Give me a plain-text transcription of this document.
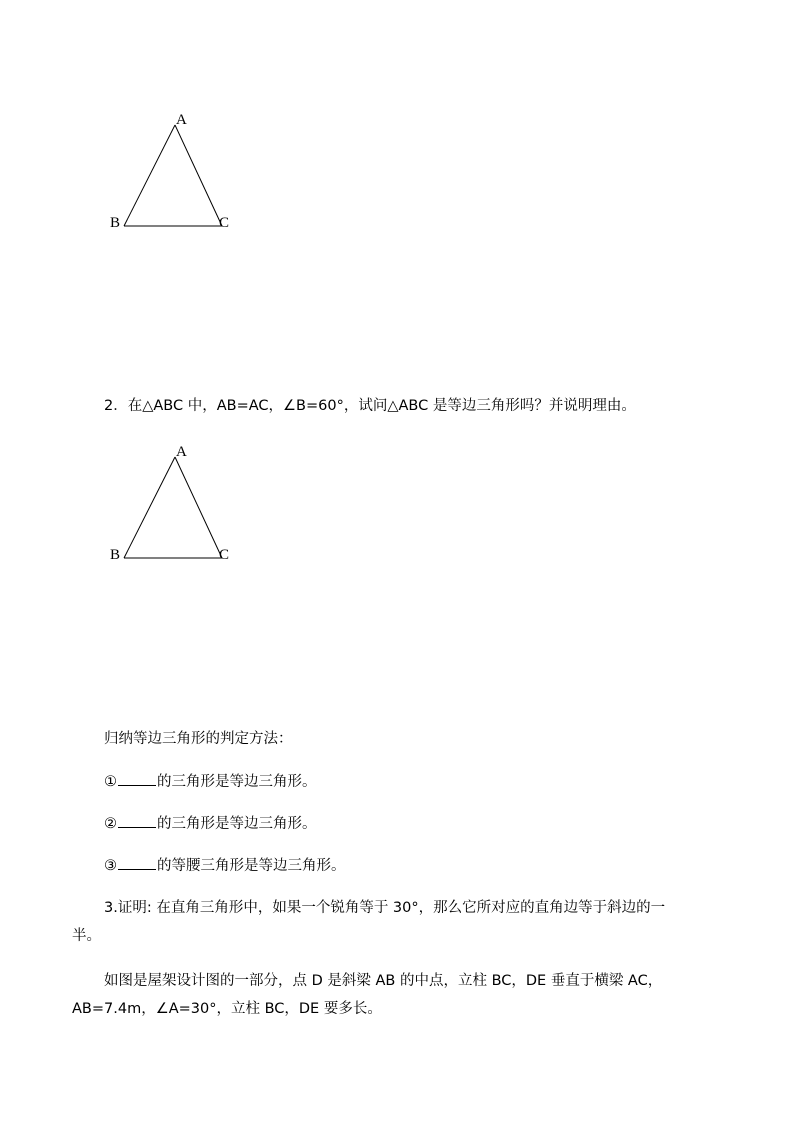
A
B	C
2．在△ABC 中，AB=AC，∠B=60°，试问△ABC 是等边三角形吗？并说明理由。
A
B	C
归纳等边三角形的判定方法：
①	的三角形是等边三角形。
②	的三角形是等边三角形。
③	的等腰三角形是等边三角形。
3.证明: 在直角三角形中，如果一个锐角等于 30°，那么它所对应的直角边等于斜边的一
半。
如图是屋架设计图的一部分，点 D 是斜梁 AB 的中点，立柱 BC，DE 垂直于横梁 AC，
AB=7.4m，∠A=30°，立柱 BC，DE 要多长。
